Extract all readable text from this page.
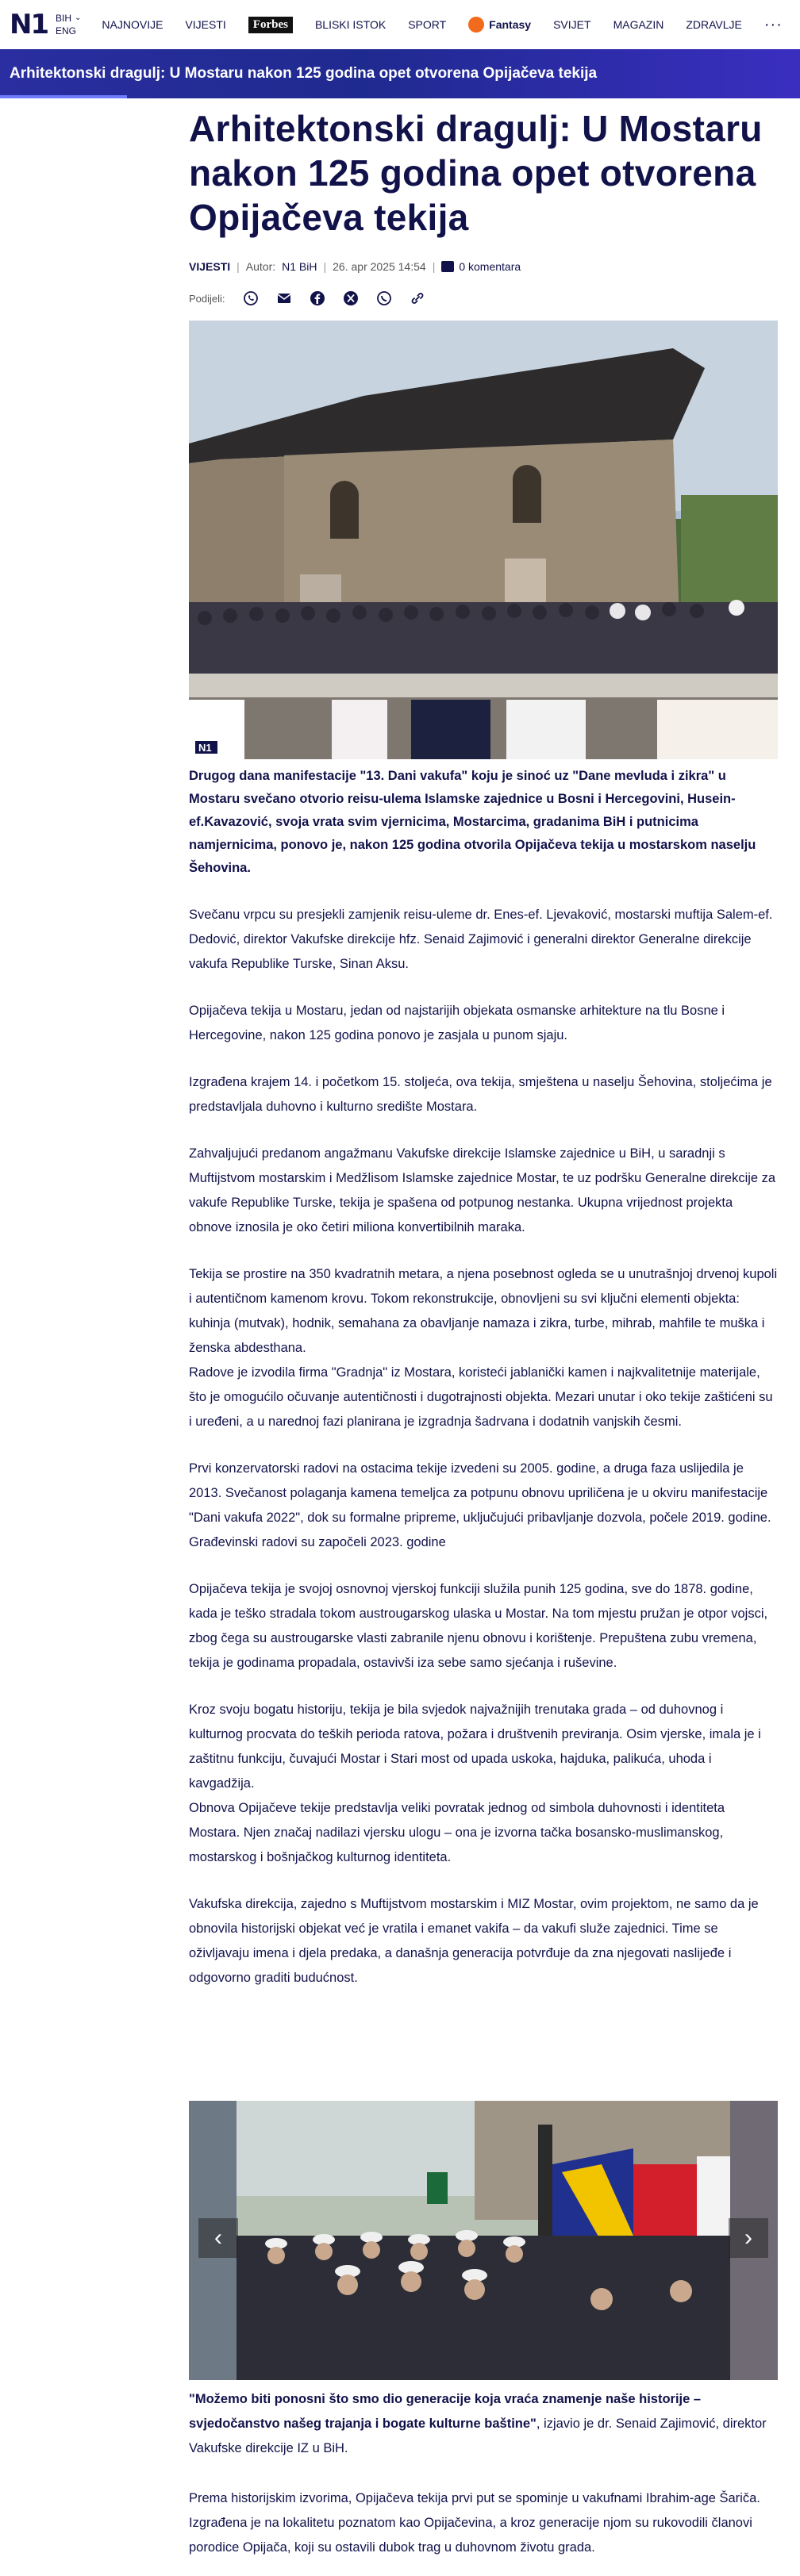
N1 BIH ⌄
ENG	NAJNOVIJE VIJESTI	Forbes	BLISKI ISTOK SPORT	Fantasy SVIJET MAGAZIN ZDRAVLJE ···
Arhitektonski dragulj: U Mostaru nakon 125 godina opet otvorena Opijačeva tekija
Arhitektonski dragulj: U Mostaru nakon 125 godina opet otvorena Opijačeva tekija
VIJESTI | Autor: N1 BiH | 26. apr 2025 14:54 | 0 komentara
Podijeli:
N1

Drugog dana manifestacije "13. Dani vakufa" koju je sinoć uz "Dane mevluda i zikra" u Mostaru svečano otvorio reisu-ulema Islamske zajednice u Bosni i Hercegovini, Husein-ef.Kavazović, svoja vrata svim vjernicima, Mostarcima, gradanima BiH i putnicima namjernicima, ponovo je, nakon 125 godina otvorila Opijačeva tekija u mostarskom naselju Šehovina.

Svečanu vrpcu su presjekli zamjenik reisu-uleme dr. Enes-ef. Ljevaković, mostarski muftija Salem-ef. Dedović, direktor Vakufske direkcije hfz. Senaid Zajimović i generalni direktor Generalne direkcije vakufa Republike Turske, Sinan Aksu.

Opijačeva tekija u Mostaru, jedan od najstarijih objekata osmanske arhitekture na tlu Bosne i Hercegovine, nakon 125 godina ponovo je zasjala u punom sjaju.

Izgrađena krajem 14. i početkom 15. stoljeća, ova tekija, smještena u naselju Šehovina, stoljećima je predstavljala duhovno i kulturno središte Mostara.

Zahvaljujući predanom angažmanu Vakufske direkcije Islamske zajednice u BiH, u saradnji s Muftijstvom mostarskim i Medžlisom Islamske zajednice Mostar, te uz podršku Generalne direkcije za vakufe Republike Turske, tekija je spašena od potpunog nestanka. Ukupna vrijednost projekta obnove iznosila je oko četiri miliona konvertibilnih maraka.

Tekija se prostire na 350 kvadratnih metara, a njena posebnost ogleda se u unutrašnjoj drvenoj kupoli i autentičnom kamenom krovu. Tokom rekonstrukcije, obnovljeni su svi ključni elementi objekta: kuhinja (mutvak), hodnik, semahana za obavljanje namaza i zikra, turbe, mihrab, mahfile te muška i ženska abdesthana.

Radove je izvodila firma "Gradnja" iz Mostara, koristeći jablanički kamen i najkvalitetnije materijale, što je omogućilo očuvanje autentičnosti i dugotrajnosti objekta. Mezari unutar i oko tekije zaštićeni su i uređeni, a u narednoj fazi planirana je izgradnja šadrvana i dodatnih vanjskih česmi.

Prvi konzervatorski radovi na ostacima tekije izvedeni su 2005. godine, a druga faza uslijedila je 2013. Svečanost polaganja kamena temeljca za potpunu obnovu upriličena je u okviru manifestacije "Dani vakufa 2022", dok su formalne pripreme, uključujući pribavljanje dozvola, počele 2019. godine. Građevinski radovi su započeli 2023. godine

Opijačeva tekija je svojoj osnovnoj vjerskoj funkciji služila punih 125 godina, sve do 1878. godine, kada je teško stradala tokom austrougarskog ulaska u Mostar. Na tom mjestu pružan je otpor vojsci, zbog čega su austrougarske vlasti zabranile njenu obnovu i korištenje. Prepuštena zubu vremena, tekija je godinama propadala, ostavivši iza sebe samo sjećanja i ruševine.

Kroz svoju bogatu historiju, tekija je bila svjedok najvažnijih trenutaka grada – od duhovnog i kulturnog procvata do teških perioda ratova, požara i društvenih previranja. Osim vjerske, imala je i zaštitnu funkciju, čuvajući Mostar i Stari most od upada uskoka, hajduka, palikuća, uhoda i kavgadžija.

Obnova Opijačeve tekije predstavlja veliki povratak jednog od simbola duhovnosti i identiteta Mostara. Njen značaj nadilazi vjersku ulogu – ona je izvorna tačka bosansko-muslimanskog, mostarskog i bošnjačkog kulturnog identiteta.

Vakufska direkcija, zajedno s Muftijstvom mostarskim i MIZ Mostar, ovim projektom, ne samo da je obnovila historijski objekat već je vratila i emanet vakifa – da vakufi služe zajednici. Time se oživljavaju imena i djela predaka, a današnja generacija potvrđuje da zna njegovati naslijeđe i odgovorno graditi budućnost.

‹	›

"Možemo biti ponosni što smo dio generacije koja vraća znamenje naše historije – svjedočanstvo našeg trajanja i bogate kulturne baštine", izjavio je dr. Senaid Zajimović, direktor Vakufske direkcije IZ u BiH.

Prema historijskim izvorima, Opijačeva tekija prvi put se spominje u vakufnami Ibrahim-age Šariča. Izgrađena je na lokalitetu poznatom kao Opijačevina, a kroz generacije njom su rukovodili članovi porodice Opijača, koji su ostavili dubok trag u duhovnom životu grada.
